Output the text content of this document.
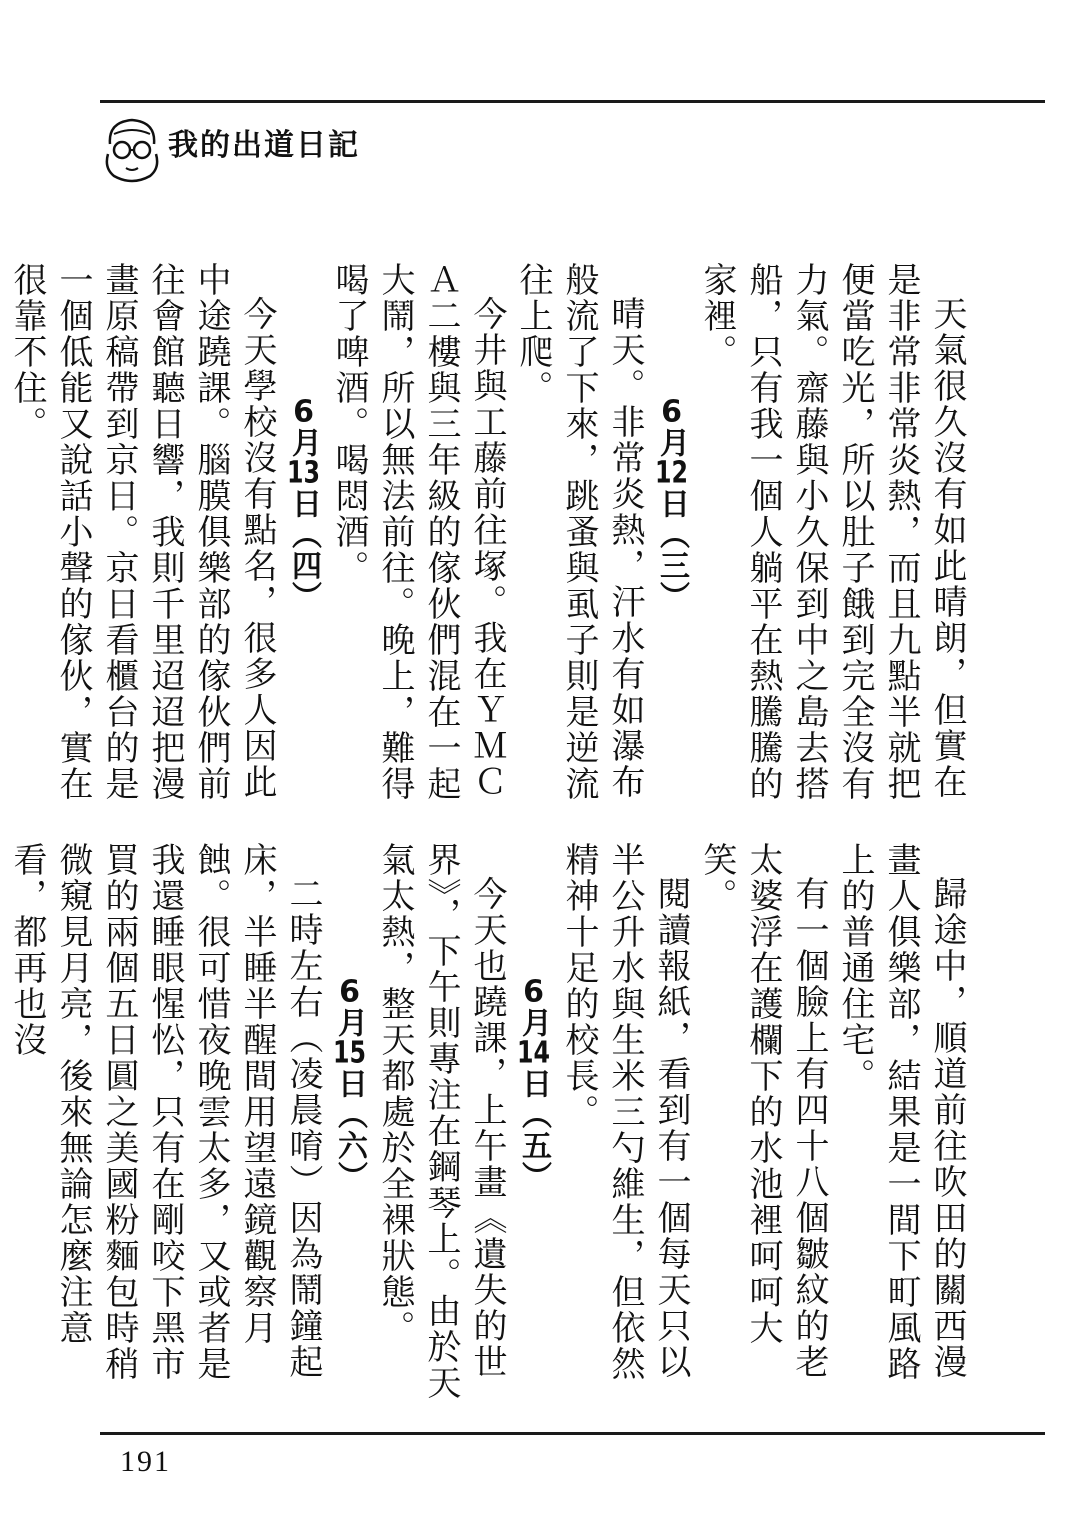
我的出道日記

天氣很久沒有如此晴朗，但實在是非常非常炎熱，而且九點半就把便當吃光，所以肚子餓到完全沒有力氣。齋藤與小久保到中之島去搭船，只有我一個人躺平在熱騰騰的家裡。

6月12日（三）

晴天。非常炎熱，汗水有如瀑布般流了下來，跳蚤與虱子則是逆流往上爬。

今井與工藤前往塚。我在ＹＭＣＡ二樓與三年級的傢伙們混在一起大鬧，所以無法前往。晚上，難得喝了啤酒。喝悶酒。

6月13日（四）

今天學校沒有點名，很多人因此中途蹺課。腦膜俱樂部的傢伙們前往會館聽日響，我則千里迢迢把漫畫原稿帶到京日。京日看櫃台的是一個低能又說話小聲的傢伙，實在很靠不住。

歸途中，順道前往吹田的關西漫畫人俱樂部，結果是一間下町風路上的普通住宅。

有一個臉上有四十八個皺紋的老太婆浮在護欄下的水池裡呵呵大笑。

閱讀報紙，看到有一個每天只以半公升水與生米三勺維生，但依然精神十足的校長。

6月14日（五）

今天也蹺課，上午畫《遺失的世界》，下午則專注在鋼琴上。由於天氣太熱，整天都處於全裸狀態。

6月15日（六）

二時左右（凌晨唷）因為鬧鐘起床，半睡半醒間用望遠鏡觀察月蝕。很可惜夜晚雲太多，又或者是我還睡眼惺忪，只有在剛咬下黑市買的兩個五日圓之美國粉麵包時稍微窺見月亮，後來無論怎麼注意看，都再也沒

191
